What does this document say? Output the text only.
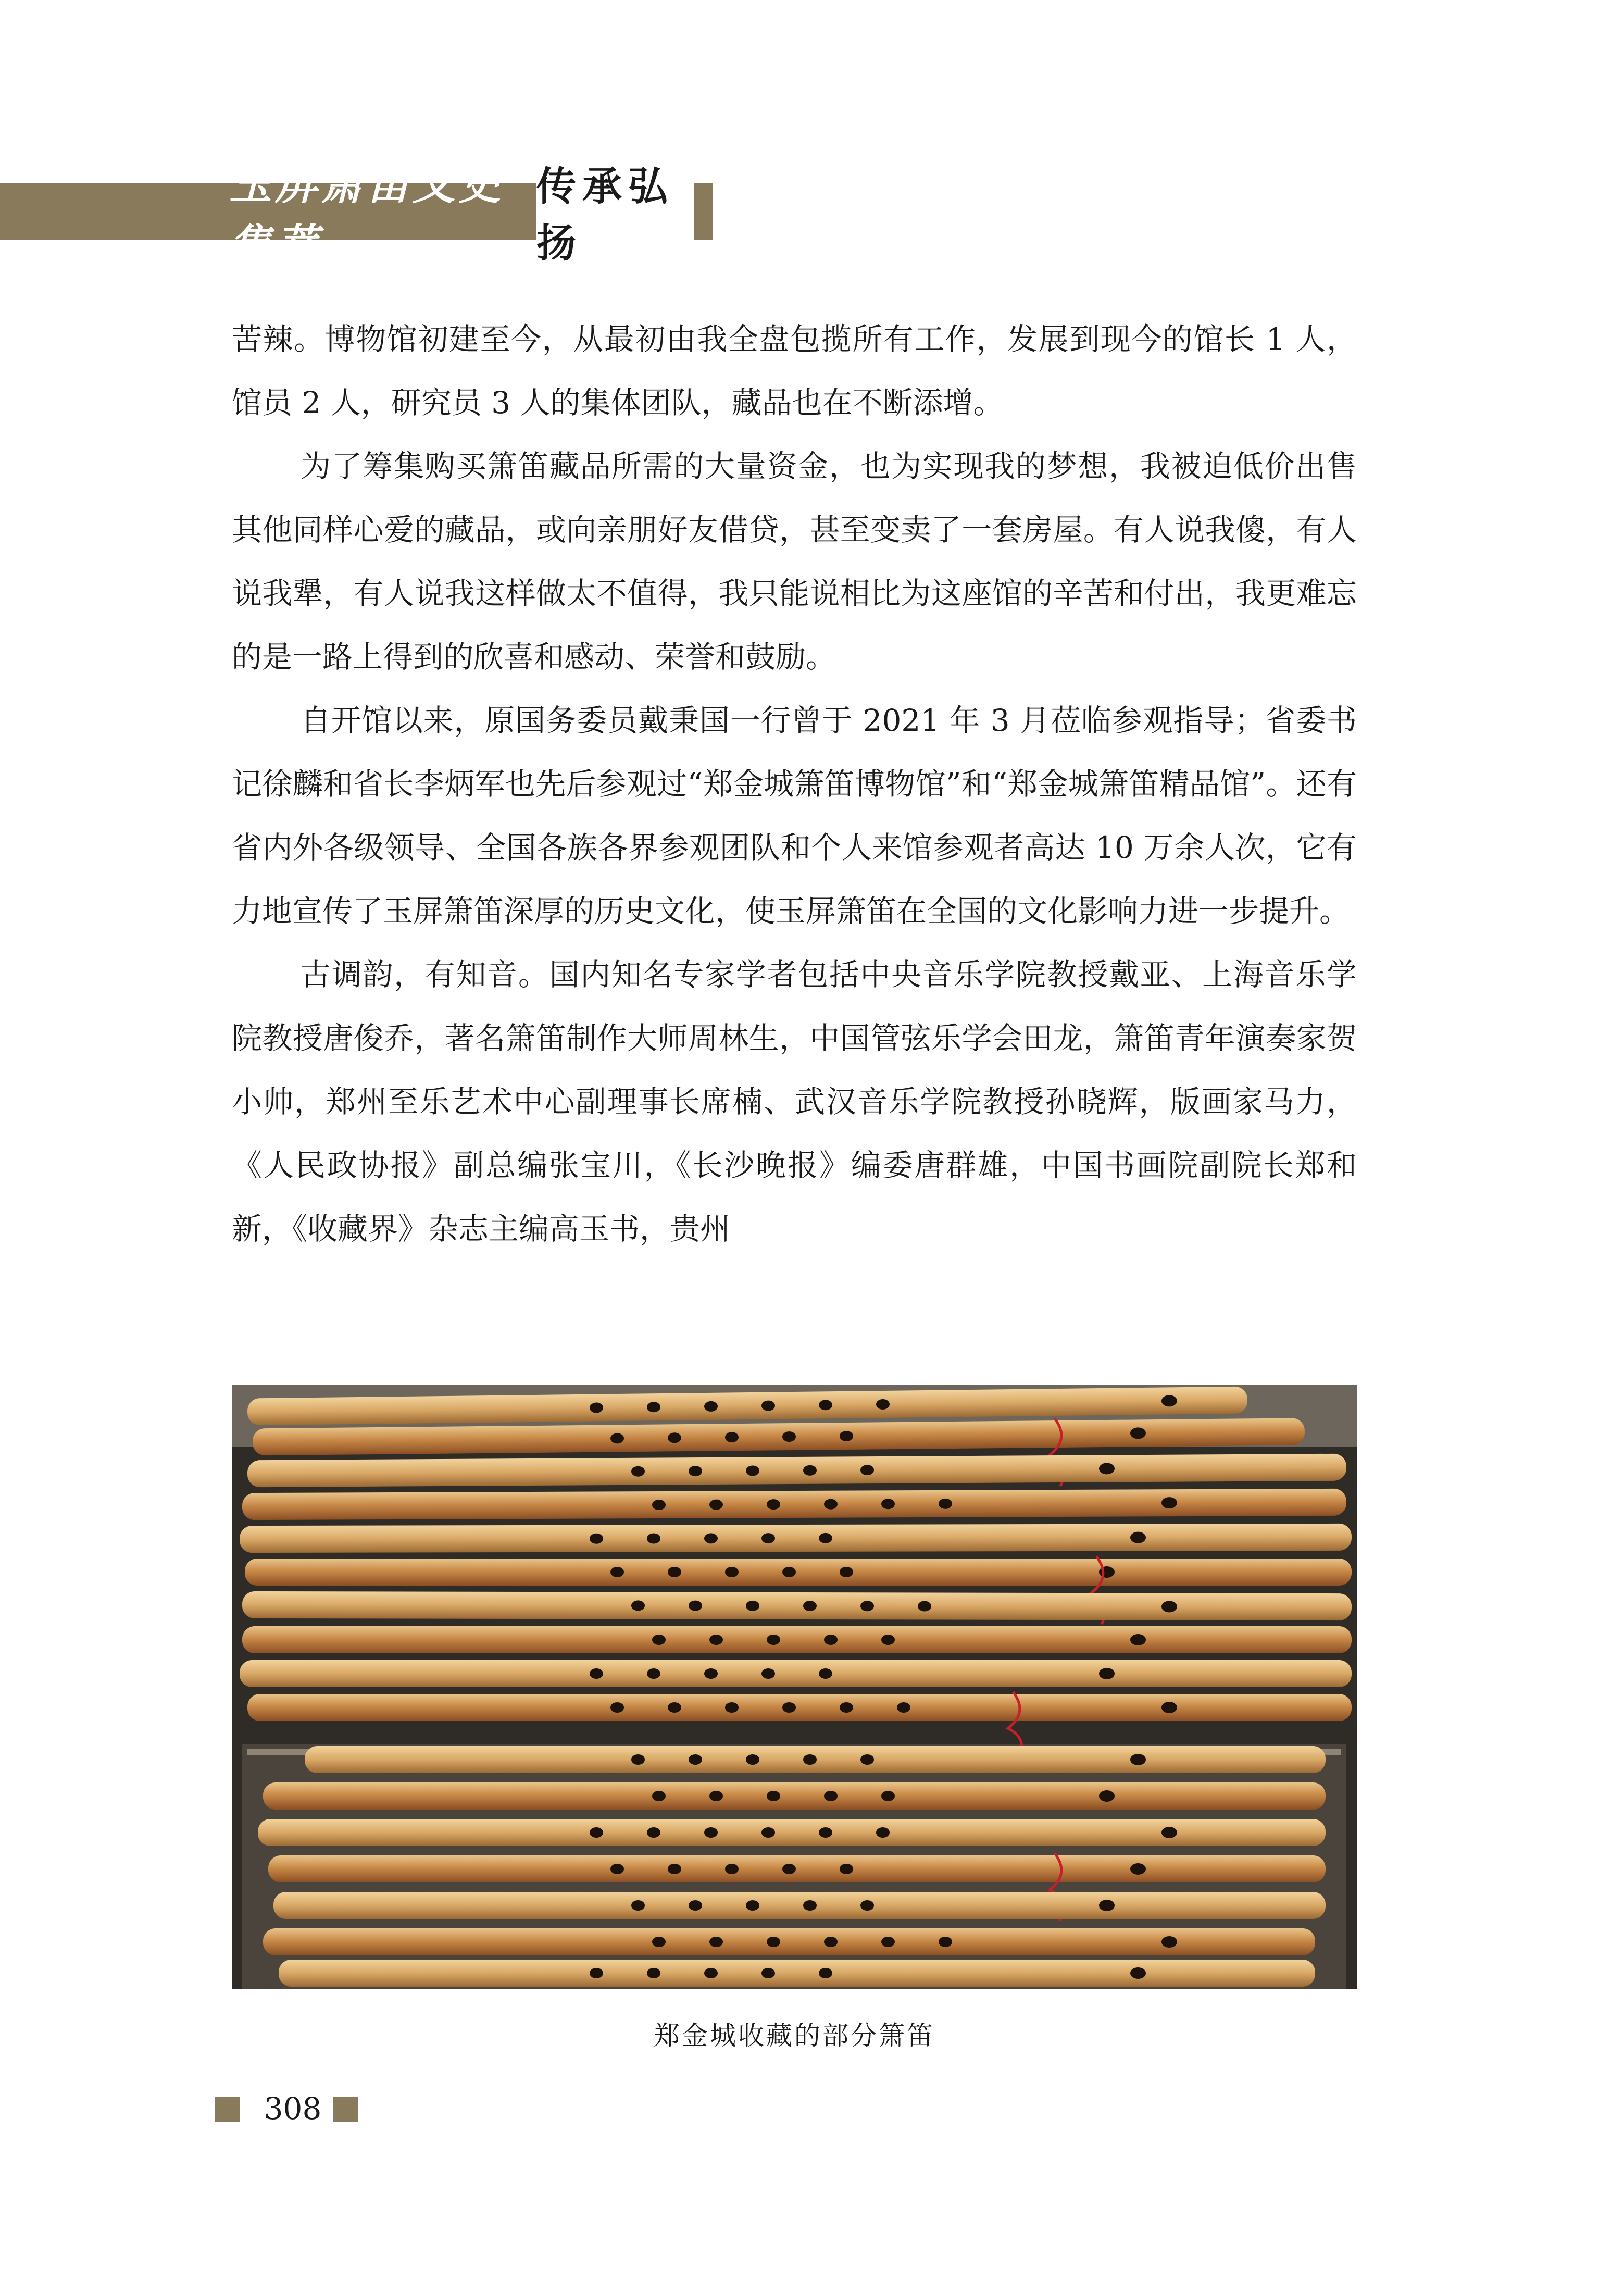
玉屏箫笛文史集萃
传承弘扬

苦辣。博物馆初建至今，从最初由我全盘包揽所有工作，发展到现今的馆长 1 人，馆员 2 人，研究员 3 人的集体团队，藏品也在不断添增。

为了筹集购买箫笛藏品所需的大量资金，也为实现我的梦想，我被迫低价出售其他同样心爱的藏品，或向亲朋好友借贷，甚至变卖了一套房屋。有人说我傻，有人说我犟，有人说我这样做太不值得，我只能说相比为这座馆的辛苦和付出，我更难忘的是一路上得到的欣喜和感动、荣誉和鼓励。

自开馆以来，原国务委员戴秉国一行曾于 2021 年 3 月莅临参观指导；省委书记徐麟和省长李炳军也先后参观过“郑金城箫笛博物馆”和“郑金城箫笛精品馆”。还有省内外各级领导、全国各族各界参观团队和个人来馆参观者高达 10 万余人次，它有力地宣传了玉屏箫笛深厚的历史文化，使玉屏箫笛在全国的文化影响力进一步提升。

古调韵，有知音。国内知名专家学者包括中央音乐学院教授戴亚、上海音乐学院教授唐俊乔，著名箫笛制作大师周林生，中国管弦乐学会田龙，箫笛青年演奏家贺小帅，郑州至乐艺术中心副理事长席楠、武汉音乐学院教授孙晓辉，版画家马力，《人民政协报》副总编张宝川，《长沙晚报》编委唐群雄，中国书画院副院长郑和新，《收藏界》杂志主编高玉书，贵州

郑金城收藏的部分箫笛
308
